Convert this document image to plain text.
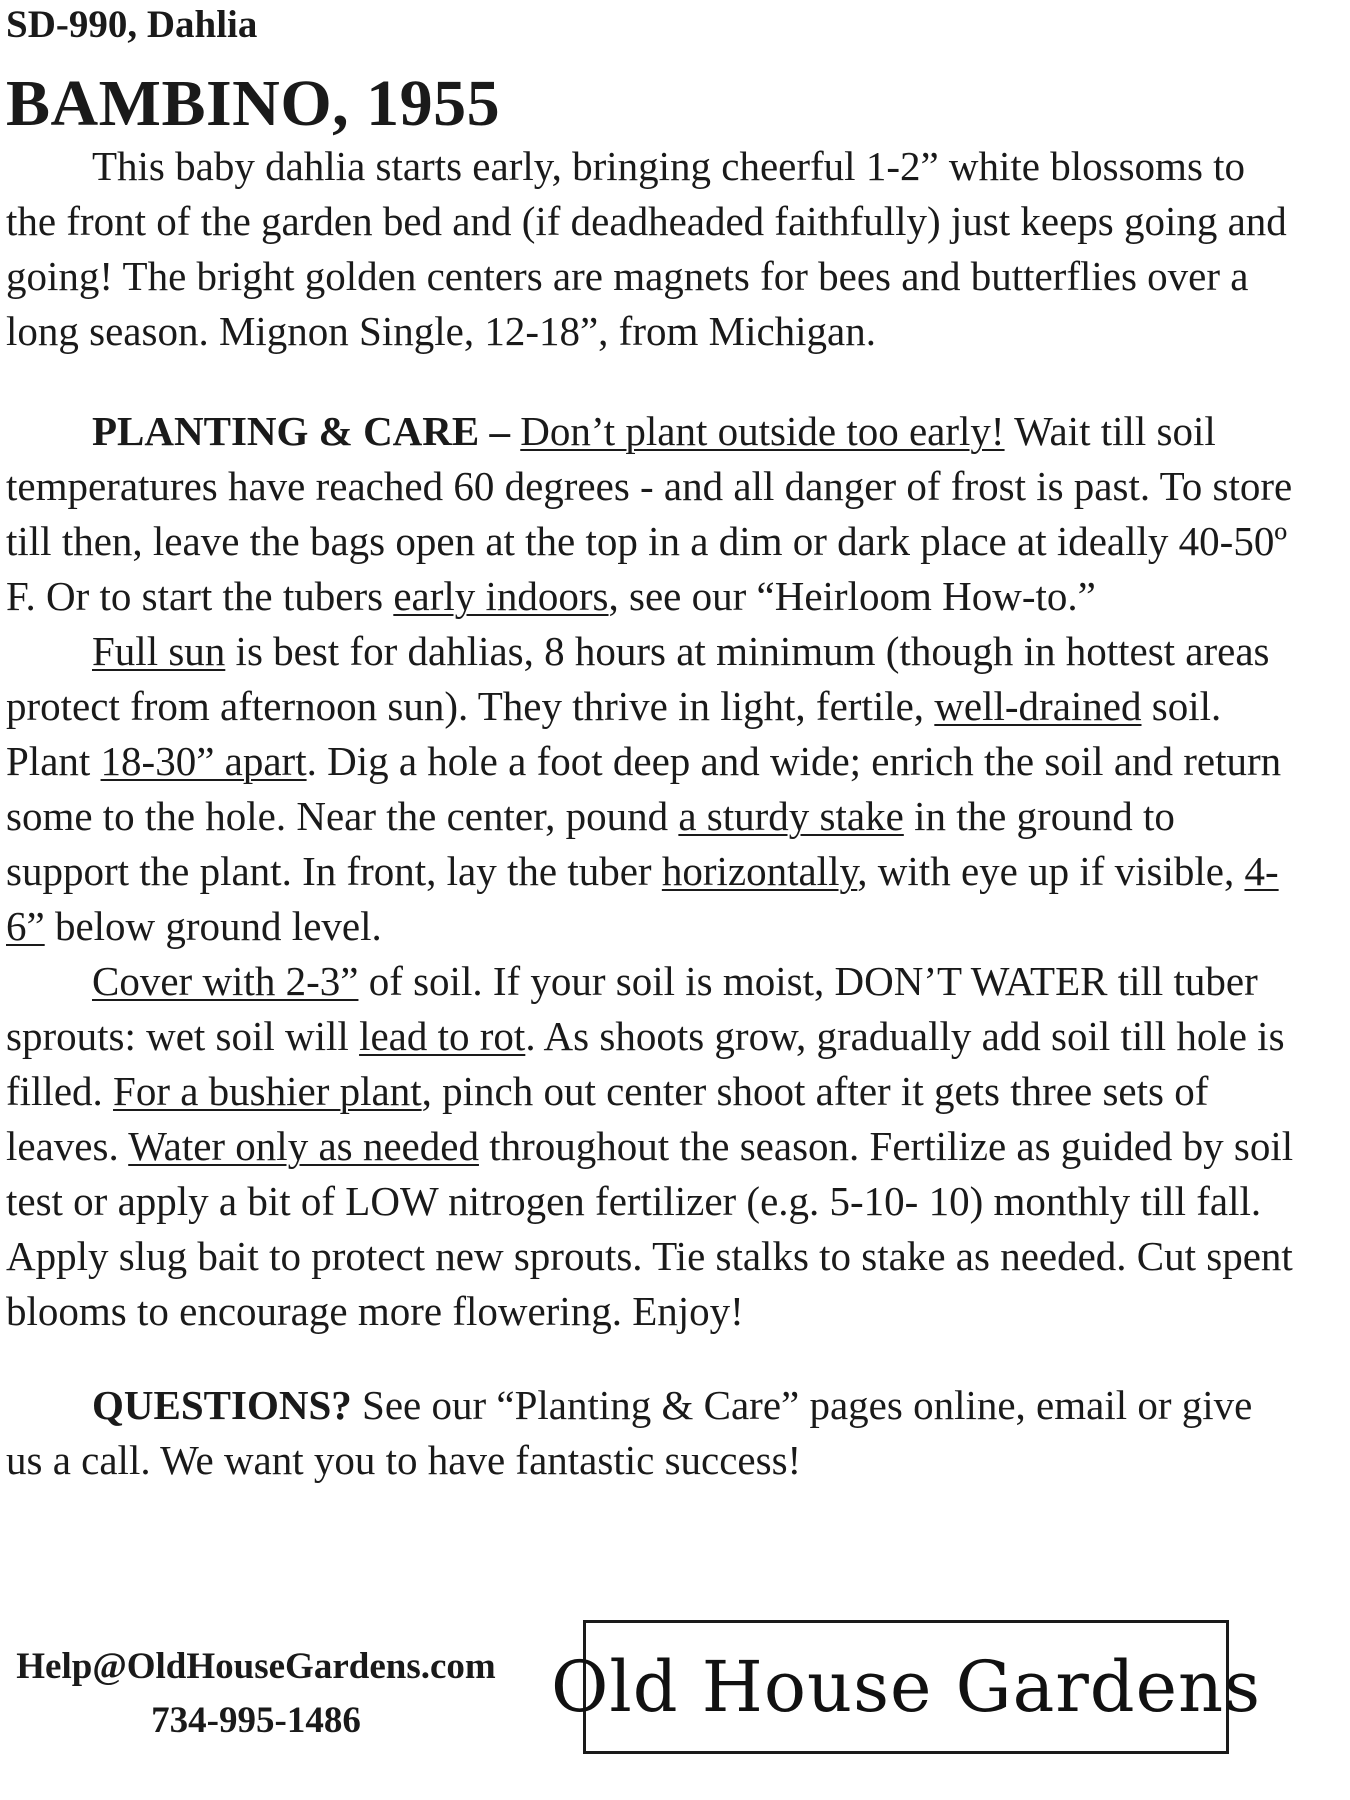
SD-990, Dahlia
BAMBINO, 1955

This baby dahlia starts early, bringing cheerful 1-2” white blossoms to the front of the garden bed and (if deadheaded faithfully) just keeps going and going! The bright golden centers are magnets for bees and butterflies over a long season. Mignon Single, 12-18”, from Michigan.

PLANTING & CARE – Don’t plant outside too early! Wait till soil temperatures have reached 60 degrees - and all danger of frost is past. To store till then, leave the bags open at the top in a dim or dark place at ideally 40-50º F. Or to start the tubers early indoors, see our “Heirloom How-to.”

Full sun is best for dahlias, 8 hours at minimum (though in hottest areas protect from afternoon sun). They thrive in light, fertile, well-drained soil. Plant 18-30” apart. Dig a hole a foot deep and wide; enrich the soil and return some to the hole. Near the center, pound a sturdy stake in the ground to support the plant. In front, lay the tuber horizontally, with eye up if visible, 4-6” below ground level.

Cover with 2-3” of soil. If your soil is moist, DON’T WATER till tuber sprouts: wet soil will lead to rot. As shoots grow, gradually add soil till hole is filled. For a bushier plant, pinch out center shoot after it gets three sets of leaves. Water only as needed throughout the season. Fertilize as guided by soil test or apply a bit of LOW nitrogen fertilizer (e.g. 5-10- 10) monthly till fall. Apply slug bait to protect new sprouts. Tie stalks to stake as needed. Cut spent blooms to encourage more flowering. Enjoy!

QUESTIONS? See our “Planting & Care” pages online, email or give us a call. We want you to have fantastic success!

Help@OldHouseGardens.com
734-995-1486	Old House Gardens
